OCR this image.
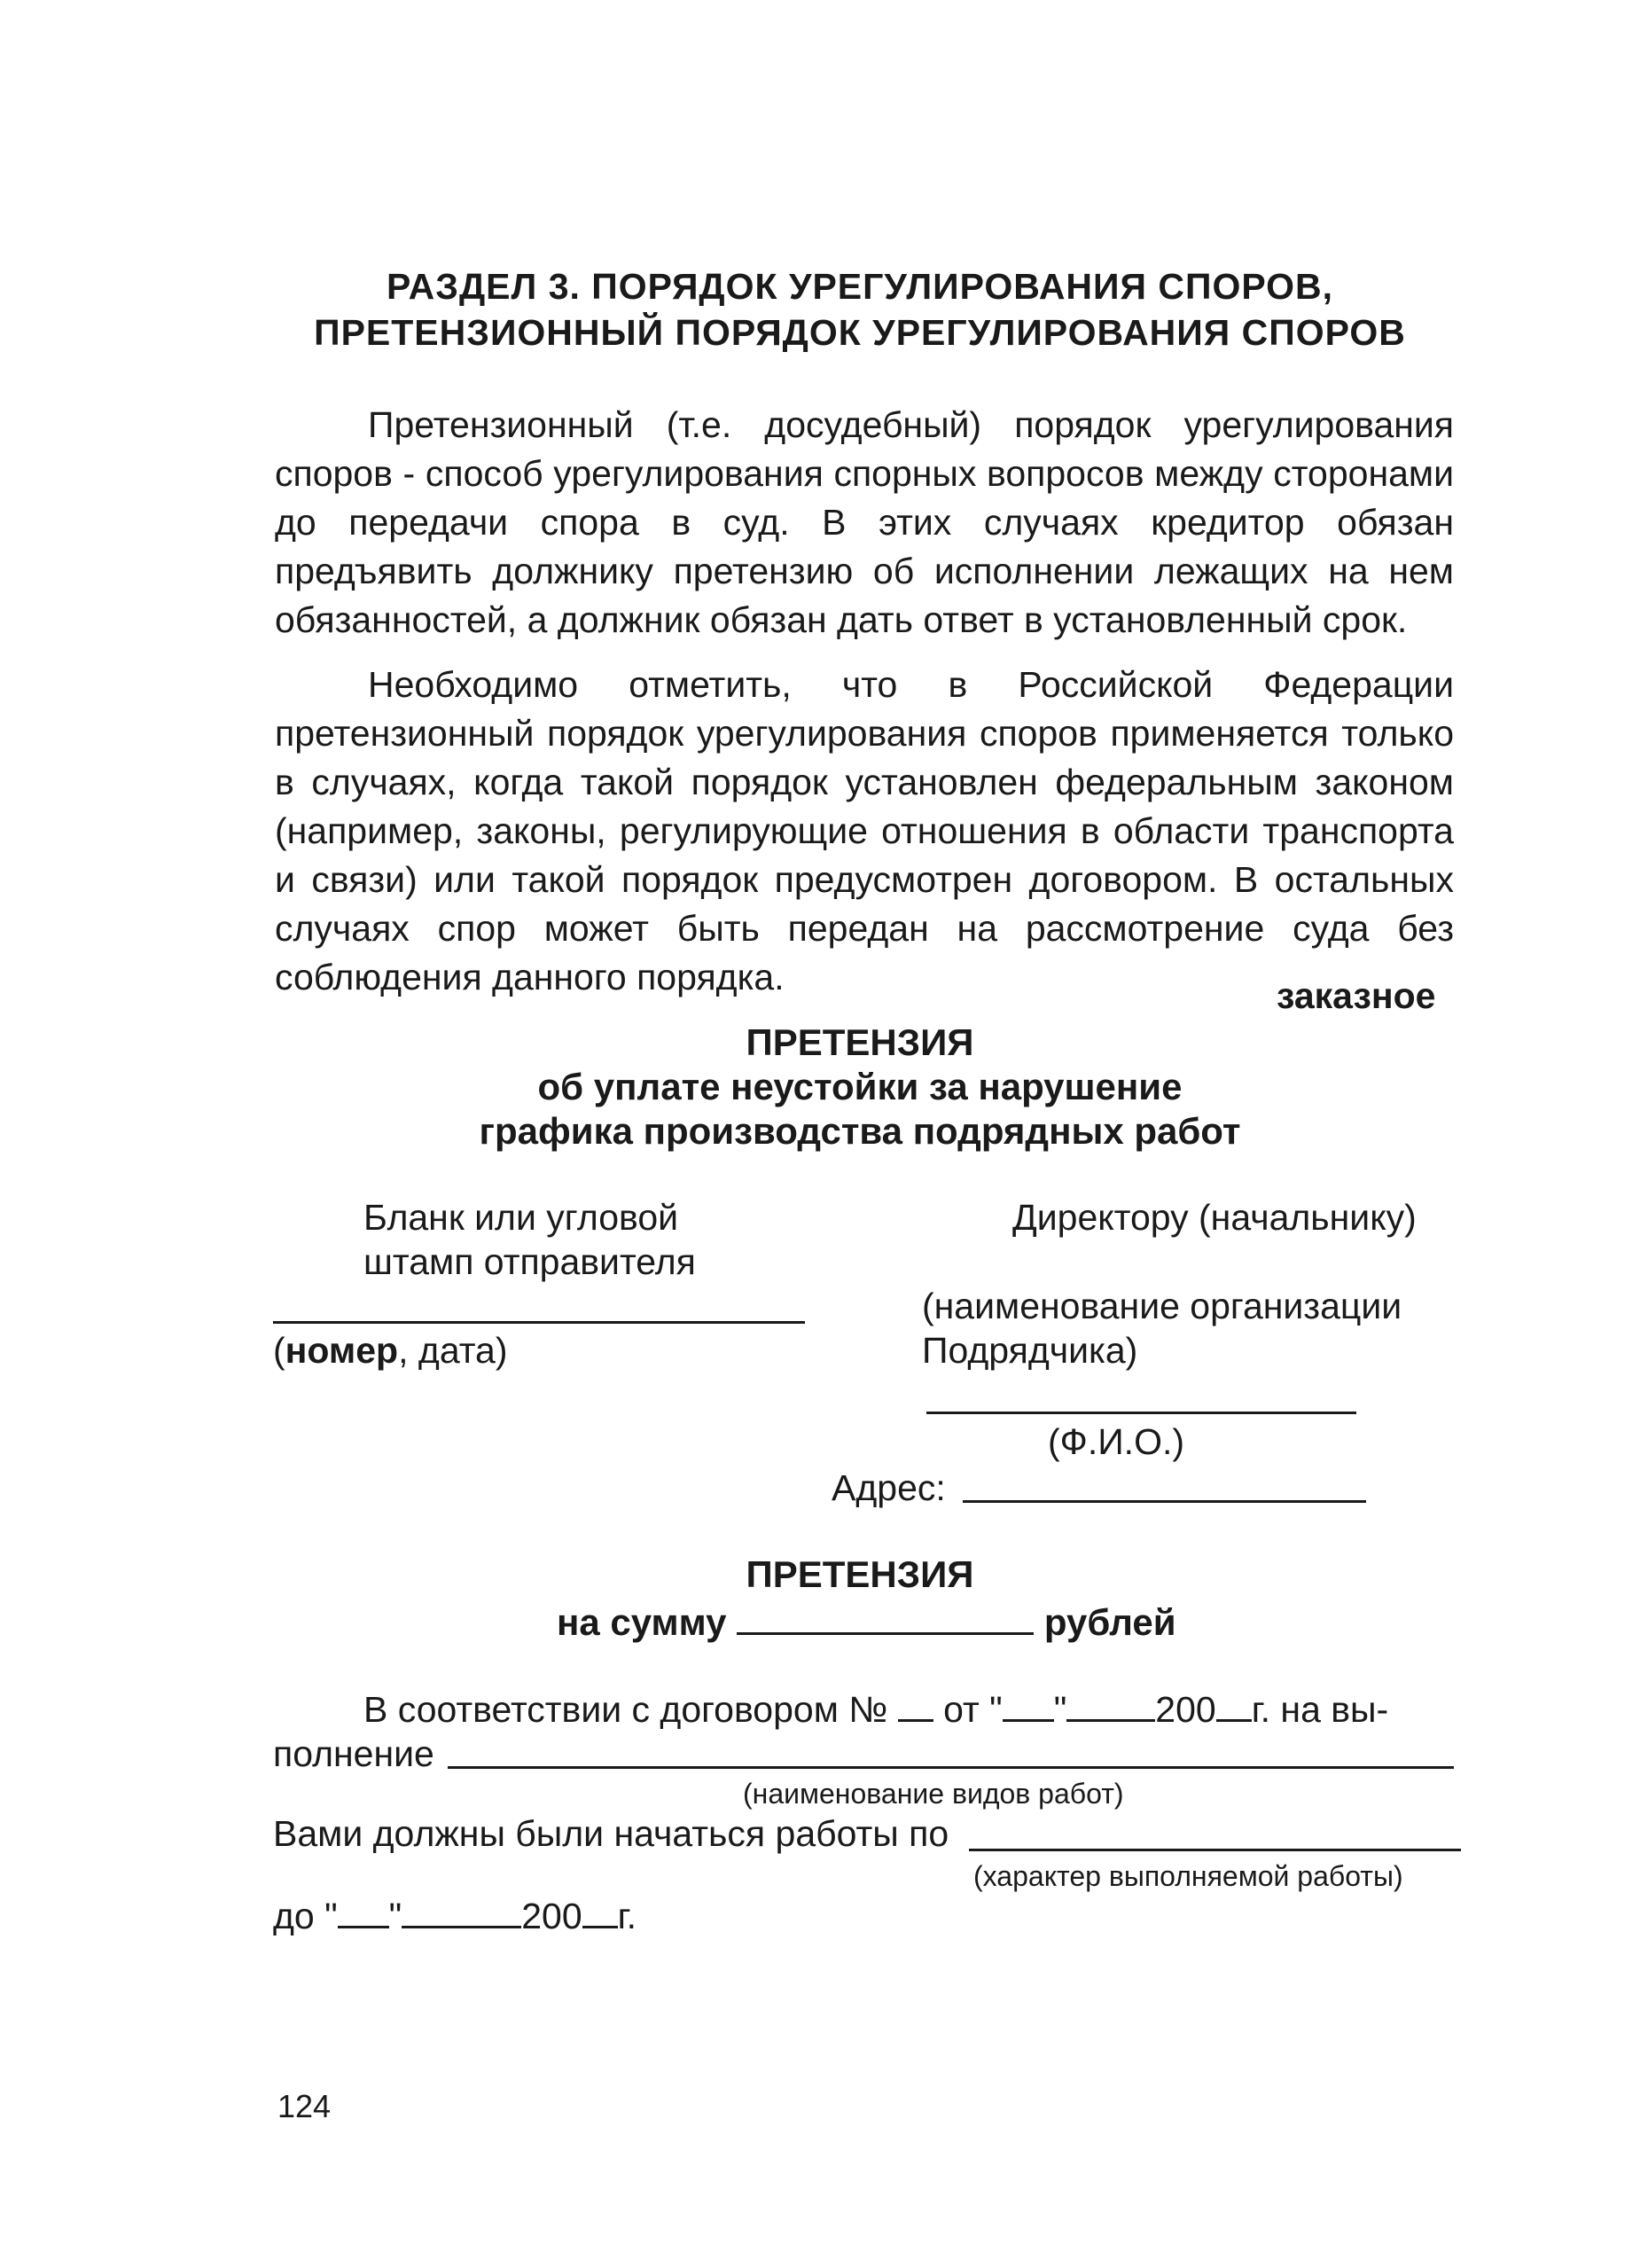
РАЗДЕЛ 3. ПОРЯДОК УРЕГУЛИРОВАНИЯ СПОРОВ,
ПРЕТЕНЗИОННЫЙ ПОРЯДОК УРЕГУЛИРОВАНИЯ СПОРОВ

Претензионный (т.е. досудебный) порядок урегулирования споров - способ урегулирования спорных вопросов между сторонами до передачи спора в суд. В этих случаях кредитор обязан предъявить должнику претензию об исполнении лежащих на нем обязанностей, а должник обязан дать ответ в установленный срок.

Необходимо отметить, что в Российской Федерации претензионный порядок урегулирования споров применяется только в случаях, когда такой порядок установлен федеральным законом (например, законы, регулирующие отношения в области транспорта и связи) или такой порядок предусмотрен договором. В остальных случаях спор может быть передан на рассмотрение суда без соблюдения данного порядка.	заказное
ПРЕТЕНЗИЯ
об уплате неустойки за нарушение
графика производства подрядных работ
Бланк или угловой
штамп отправителя
(номер, дата)
Директору (начальнику)
(наименование организации
Подрядчика)
(Ф.И.О.)
Адрес:
ПРЕТЕНЗИЯ
на сумму	рублей
В соответствии с договором № от " " 200 г. на вы-
полнение
(наименование видов работ)
Вами должны были начаться работы по
(характер выполняемой работы)
до " "	200 г.
124
